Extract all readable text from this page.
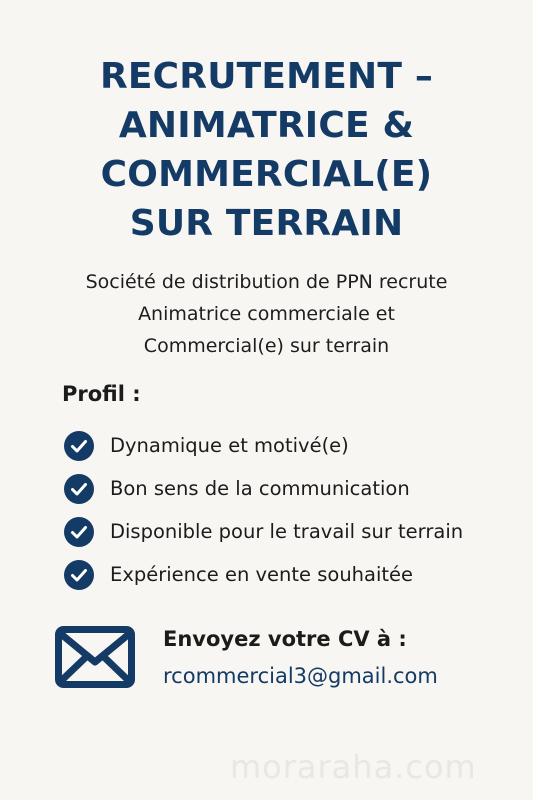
RECRUTEMENT –
ANIMATRICE &
COMMERCIAL(E)
SUR TERRAIN
Société de distribution de PPN recrute
Animatrice commerciale et
Commercial(e) sur terrain
Profil :
Dynamique et motivé(e)
Bon sens de la communication
Disponible pour le travail sur terrain
Expérience en vente souhaitée
Envoyez votre CV à :
rcommercial3@gmail.com
moraraha.com
